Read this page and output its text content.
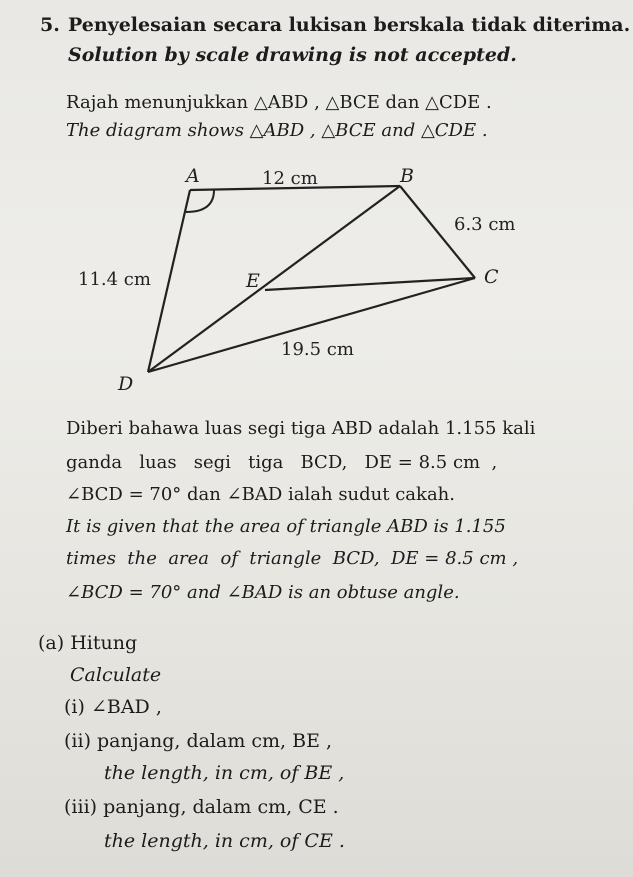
5. Penyelesaian secara lukisan berskala tidak diterima.
Solution by scale drawing is not accepted.
Rajah menunjukkan △ABD , △BCE dan △CDE .
The diagram shows △ABD , △BCE and △CDE .
A	B
C
D
E
12 cm
6.3 cm
11.4 cm
19.5 cm
Diberi bahawa luas segi tiga ABD adalah 1.155 kali
ganda   luas   segi   tiga   BCD,   DE = 8.5 cm  ,
∠BCD = 70° dan ∠BAD ialah sudut cakah.
It is given that the area of triangle ABD is 1.155
times  the  area  of  triangle  BCD,  DE = 8.5 cm ,
∠BCD = 70° and ∠BAD is an obtuse angle.
(a) Hitung
Calculate
(i) ∠BAD ,
(ii) panjang, dalam cm, BE ,
the length, in cm, of BE ,
(iii) panjang, dalam cm, CE .
the length, in cm, of CE .
